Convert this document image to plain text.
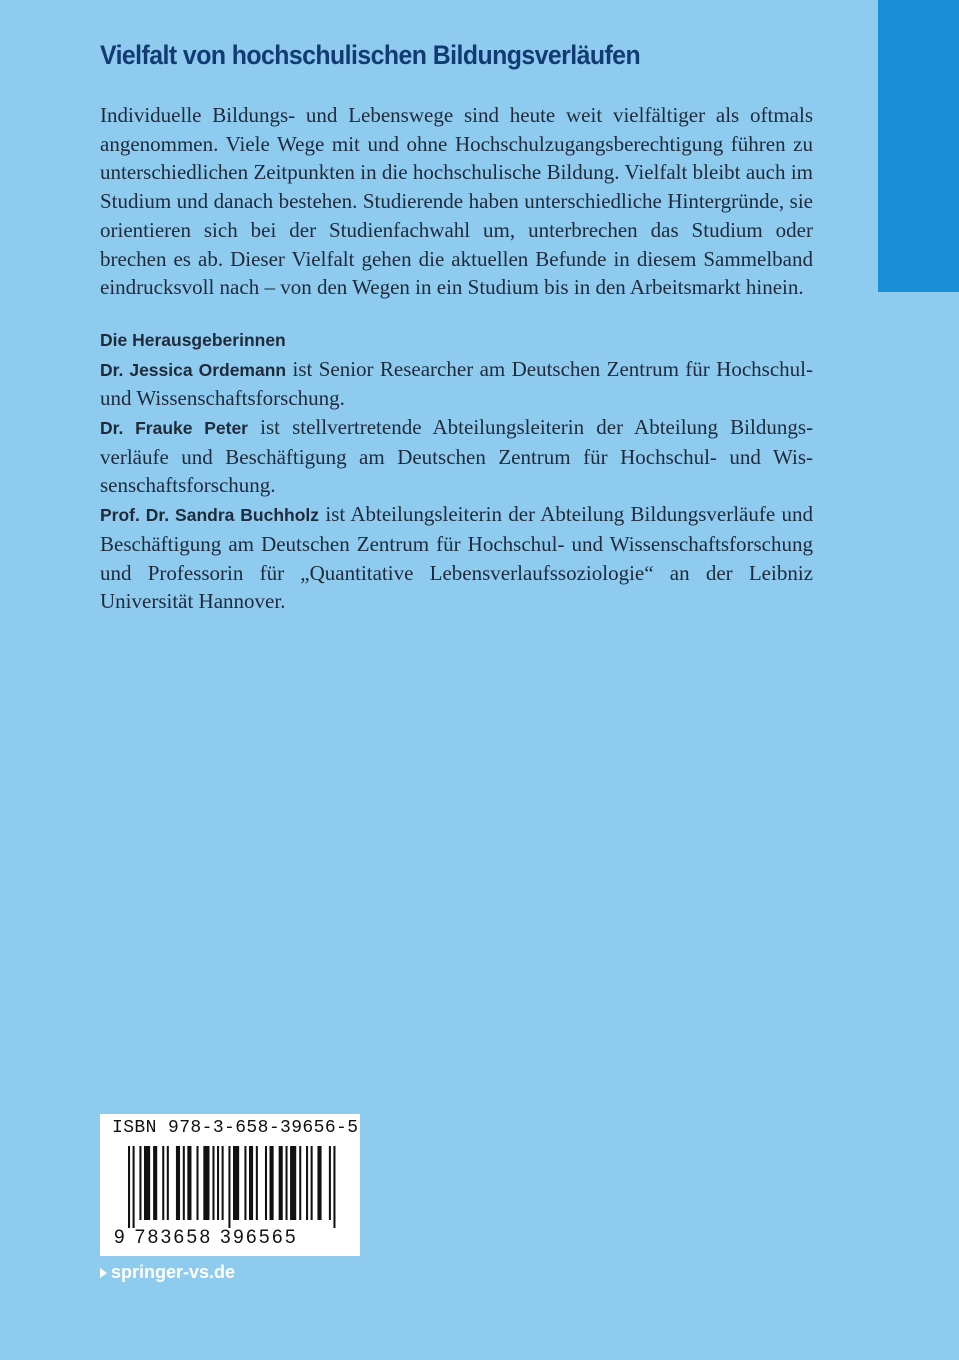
Vielfalt von hochschulischen Bildungsverläufen

Individuelle Bildungs- und Lebenswege sind heute weit vielfältiger als oftmals angenommen. Viele Wege mit und ohne Hochschulzugangsberechtigung führen zu unterschiedlichen Zeitpunkten in die hochschulische Bildung. Vielfalt bleibt auch im Studium und danach bestehen. Studierende haben unterschiedliche Hintergründe, sie orientieren sich bei der Studienfachwahl um, unterbrechen das Studium oder brechen es ab. Dieser Vielfalt gehen die aktuellen Befunde in diesem Sammelband eindrucksvoll nach – von den Wegen in ein Studium bis in den Arbeitsmarkt hinein.

Die Herausgeberinnen

Dr. Jessica Ordemann ist Senior Researcher am Deutschen Zentrum für Hochschul- und Wissenschaftsforschung.

Dr. Frauke Peter ist stellvertretende Abteilungsleiterin der Abteilung Bildungsverläufe und Beschäftigung am Deutschen Zentrum für Hochschul- und Wissenschaftsforschung.

Prof. Dr. Sandra Buchholz ist Abteilungsleiterin der Abteilung Bildungsverläufe und Beschäftigung am Deutschen Zentrum für Hochschul- und Wissenschaftsforschung und Professorin für „Quantitative Lebensverlaufssoziologie“ an der Leibniz Universität Hannover.

ISBN 978-3-658-39656-5
9 783658 396565
springer-vs.de
